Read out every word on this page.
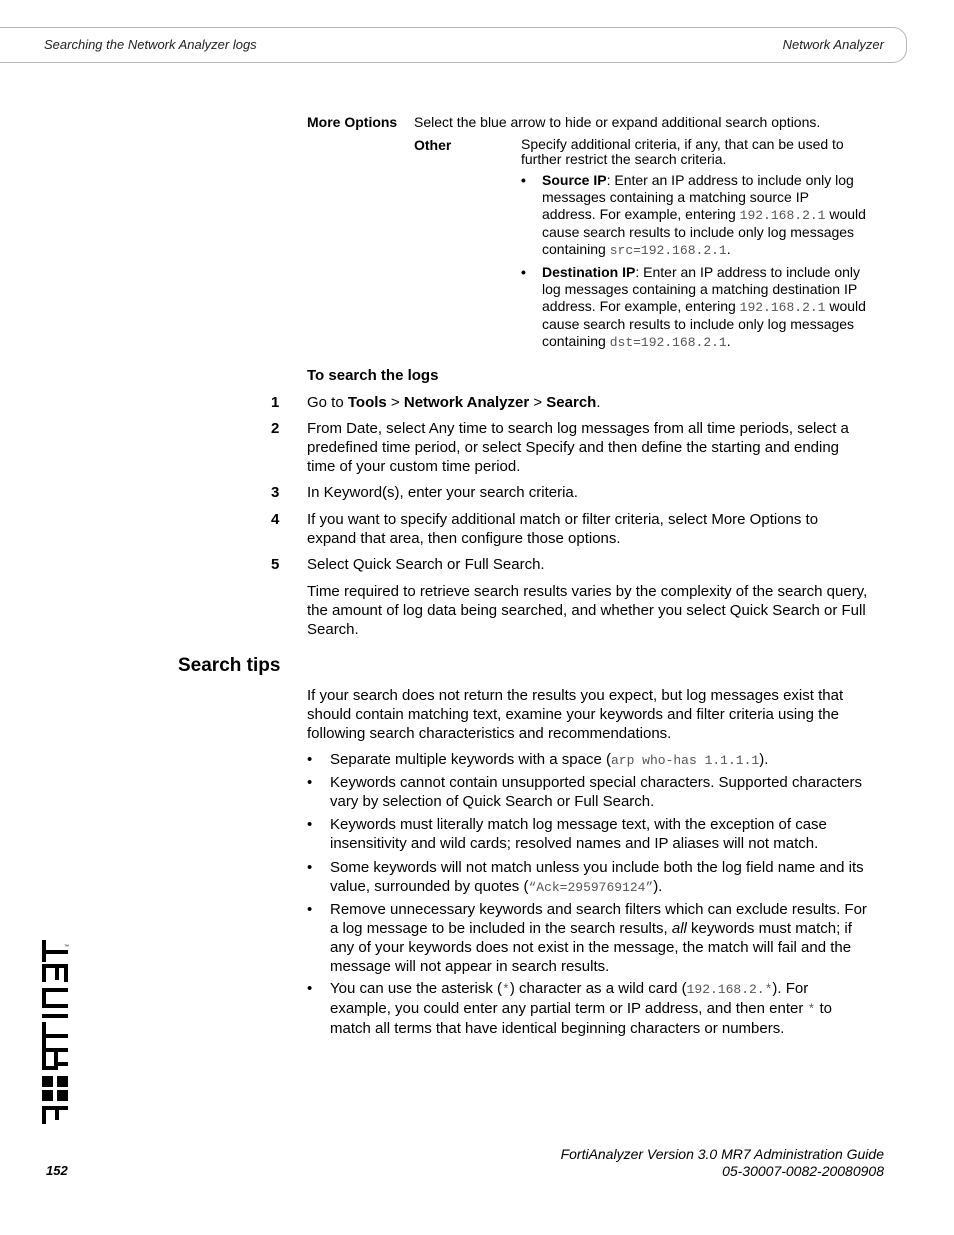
Searching the Network Analyzer logs	Network Analyzer
More Options Select the blue arrow to hide or expand additional search options.
Other	Specify additional criteria, if any, that can be used to further restrict the search criteria.
• Source IP: Enter an IP address to include only log messages containing a matching source IP address. For example, entering 192.168.2.1 would cause search results to include only log messages containing src=192.168.2.1.
• Destination IP: Enter an IP address to include only log messages containing a matching destination IP address. For example, entering 192.168.2.1 would cause search results to include only log messages containing dst=192.168.2.1.
To search the logs
1 Go to Tools > Network Analyzer > Search.
2 From Date, select Any time to search log messages from all time periods, select a predefined time period, or select Specify and then define the starting and ending time of your custom time period.
3 In Keyword(s), enter your search criteria.
4 If you want to specify additional match or filter criteria, select More Options to expand that area, then configure those options.
5 Select Quick Search or Full Search.
Time required to retrieve search results varies by the complexity of the search query, the amount of log data being searched, and whether you select Quick Search or Full Search.
Search tips
If your search does not return the results you expect, but log messages exist that should contain matching text, examine your keywords and filter criteria using the following search characteristics and recommendations.
• Separate multiple keywords with a space (arp who-has 1.1.1.1).
• Keywords cannot contain unsupported special characters. Supported characters vary by selection of Quick Search or Full Search.
• Keywords must literally match log message text, with the exception of case insensitivity and wild cards; resolved names and IP aliases will not match.
• Some keywords will not match unless you include both the log field name and its value, surrounded by quotes (“Ack=2959769124”).
• Remove unnecessary keywords and search filters which can exclude results. For a log message to be included in the search results, all keywords must match; if any of your keywords does not exist in the message, the match will fail and the message will not appear in search results.
• You can use the asterisk (*) character as a wild card (192.168.2.*). For example, you could enter any partial term or IP address, and then enter * to match all terms that have identical beginning characters or numbers.
™
FortiAnalyzer Version 3.0 MR7 Administration Guide
05-30007-0082-20080908
152
